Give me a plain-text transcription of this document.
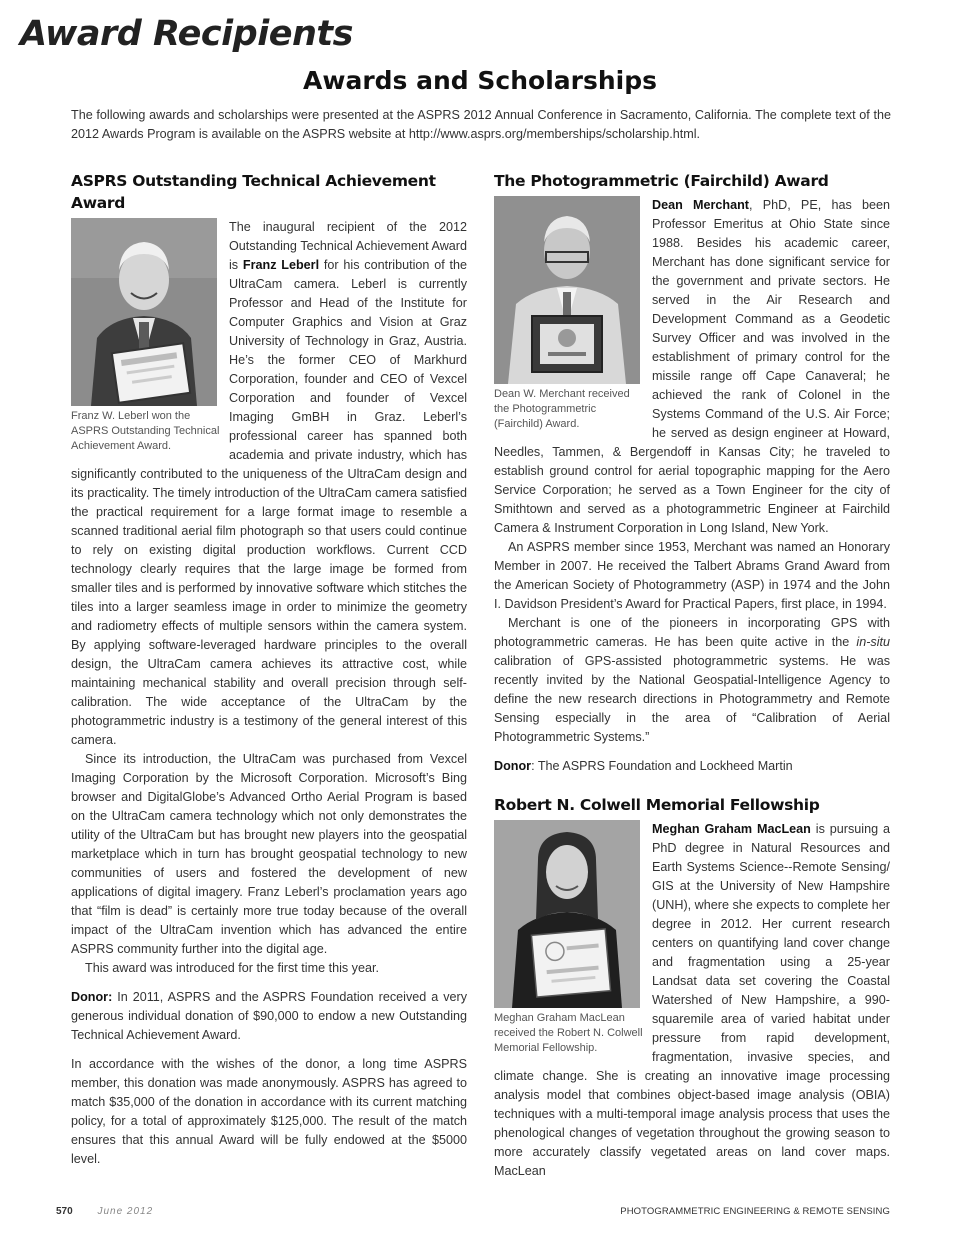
Award Recipients
Awards and Scholarships
The following awards and scholarships were presented at the ASPRS 2012 Annual Conference in Sacramento, California. The complete text of the 2012 Awards Program is available on the ASPRS website at http://www.asprs.org/memberships/scholarship.html.
ASPRS Outstanding Technical Achievement Award
Franz W. Leberl won the ASPRS Outstanding Technical Achievement Award.

The inaugural recipient of the 2012 Outstanding Technical Achievement Award is Franz Leberl for his contribution of the UltraCam camera. Leberl is currently Professor and Head of the Institute for Computer Graphics and Vision at Graz University of Technology in Graz, Austria. He’s the former CEO of Markhurd Corporation, founder and CEO of Vexcel Corporation and founder of Vexcel Imaging GmBH in Graz. Leberl’s professional career has spanned both academia and private industry, which has significantly contributed to the uniqueness of the UltraCam design and its practicality. The timely introduction of the UltraCam camera satisfied the practical requirement for a large format image to resemble a scanned traditional aerial film photograph so that users could continue to rely on existing digital production workflows. Current CCD technology clearly requires that the large image be formed from smaller tiles and is performed by innovative software which stitches the tiles into a larger seamless image in order to minimize the geometry and radiometry effects of multiple sensors within the camera system. By applying software-leveraged hardware principles to the overall design, the UltraCam camera achieves its attractive cost, while maintaining mechanical stability and overall precision through self-calibration. The wide acceptance of the UltraCam by the photogrammetric industry is a testimony of the general interest of this camera.

Since its introduction, the UltraCam was purchased from Vexcel Imaging Corporation by the Microsoft Corporation. Microsoft’s Bing browser and DigitalGlobe’s Advanced Ortho Aerial Program is based on the UltraCam camera technology which not only demonstrates the utility of the UltraCam but has brought new players into the geospatial marketplace which in turn has brought geospatial technology to new communities of users and fostered the development of new applications of digital imagery. Franz Leberl’s proclamation years ago that “film is dead” is certainly more true today because of the overall impact of the UltraCam invention which has advanced the entire ASPRS community further into the digital age.

This award was introduced for the first time this year.

Donor: In 2011, ASPRS and the ASPRS Foundation received a very generous individual donation of $90,000 to endow a new Outstanding Technical Achievement Award.

In accordance with the wishes of the donor, a long time ASPRS member, this donation was made anonymously. ASPRS has agreed to match $35,000 of the donation in accordance with its current matching policy, for a total of approximately $125,000. The result of the match ensures that this annual Award will be fully endowed at the $5000 level.

The Photogrammetric (Fairchild) Award
Dean W. Merchant received the Photogrammetric (Fairchild) Award.

Dean Merchant, PhD, PE, has been Professor Emeritus at Ohio State since 1988. Besides his academic career, Merchant has done significant service for the government and private sectors. He served in the Air Research and Development Command as a Geodetic Survey Officer and was involved in the establishment of primary control for the missile range off Cape Canaveral; he achieved the rank of Colonel in the Systems Command of the U.S. Air Force; he served as design engineer at Howard, Needles, Tammen, & Bergendoff in Kansas City; he traveled to establish ground control for aerial topographic mapping for the Aero Service Corporation; he served as a Town Engineer for the city of Smithtown and served as a photogrammetric Engineer at Fairchild Camera & Instrument Corporation in Long Island, New York.

An ASPRS member since 1953, Merchant was named an Honorary Member in 2007. He received the Talbert Abrams Grand Award from the American Society of Photogrammetry (ASP) in 1974 and the John I. Davidson President’s Award for Practical Papers, first place, in 1994.

Merchant is one of the pioneers in incorporating GPS with photogrammetric cameras. He has been quite active in the in-situ calibration of GPS-assisted photogrammetric systems. He was recently invited by the National Geospatial-Intelligence Agency to define the new research directions in Photogrammetry and Remote Sensing especially in the area of “Calibration of Aerial Photogrammetric Systems.”

Donor: The ASPRS Foundation and Lockheed Martin

Robert N. Colwell Memorial Fellowship
Meghan Graham MacLean received the Robert N. Colwell Memorial Fellowship.

Meghan Graham MacLean is pursuing a PhD degree in Natural Resources and Earth Systems Science--Remote Sensing/ GIS at the University of New Hampshire (UNH), where she expects to complete her degree in 2012. Her current research centers on quantifying land cover change and fragmentation using a 25-year Landsat data set covering the Coastal Watershed of New Hampshire, a 990-squaremile area of varied habitat under pressure from rapid development, fragmentation, invasive species, and climate change. She is creating an innovative image processing analysis model that combines object-based image analysis (OBIA) techniques with a multi-temporal image analysis process that uses the phenological changes of vegetation throughout the growing season to more accurately classify vegetated areas on land cover maps. MacLean

570 June 2012	PHOTOGRAMMETRIC ENGINEERING & REMOTE SENSING
